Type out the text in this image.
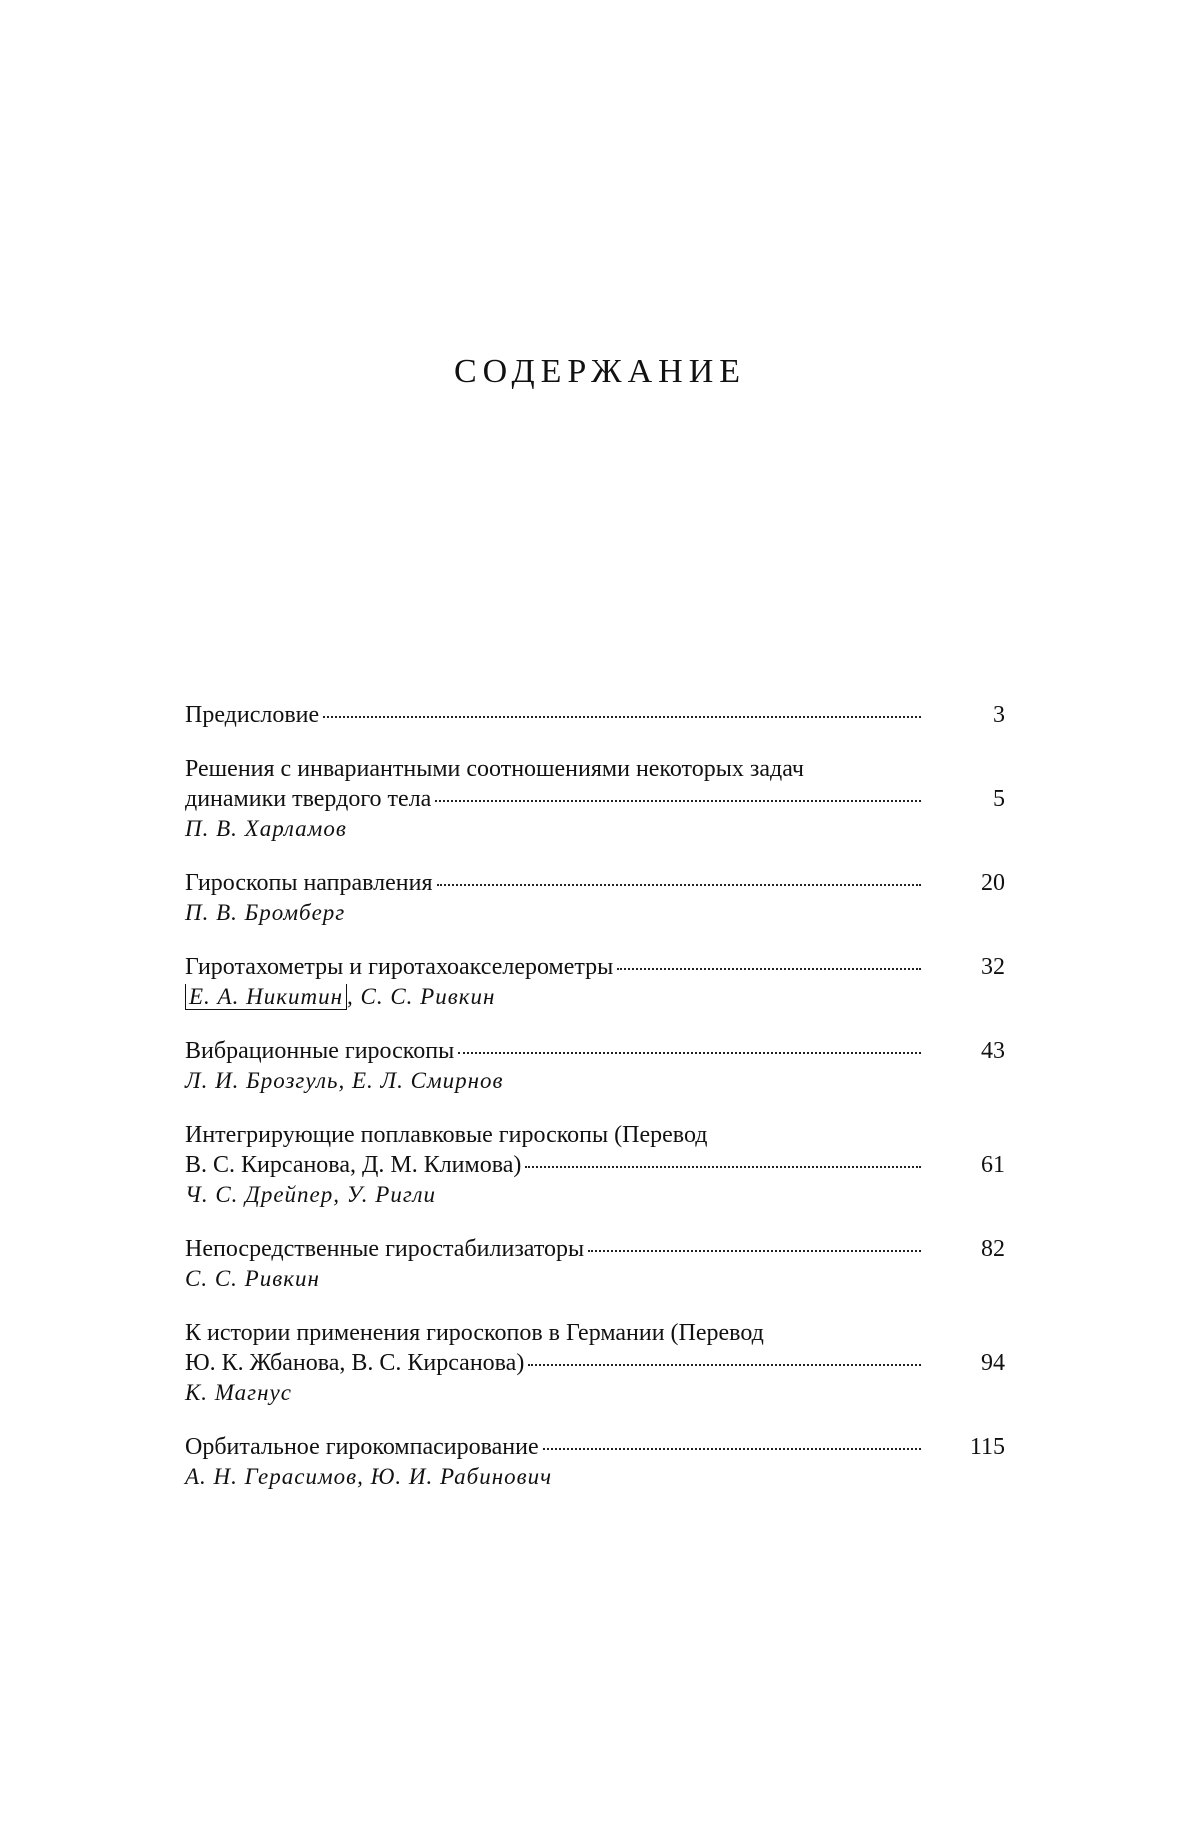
СОДЕРЖАНИЕ
Предисловие	3
Решения с инвариантными соотношениями некоторых задач
динамики твердого тела	5
П. В. Харламов
Гироскопы направления	20
П. В. Бромберг
Гиротахометры и гиротахоакселерометры	32
Е. А. Никитин , С. С. Ривкин
Вибрационные гироскопы	43
Л. И. Брозгуль, Е. Л. Смирнов
Интегрирующие поплавковые гироскопы (Перевод
В. С. Кирсанова, Д. М. Климова)	61
Ч. С. Дрейпер, У. Ригли
Непосредственные гиростабилизаторы	82
С. С. Ривкин
К истории применения гироскопов в Германии (Перевод
Ю. К. Жбанова, В. С. Кирсанова)	94
К. Магнус
Орбитальное гирокомпасирование	115
А. Н. Герасимов, Ю. И. Рабинович
